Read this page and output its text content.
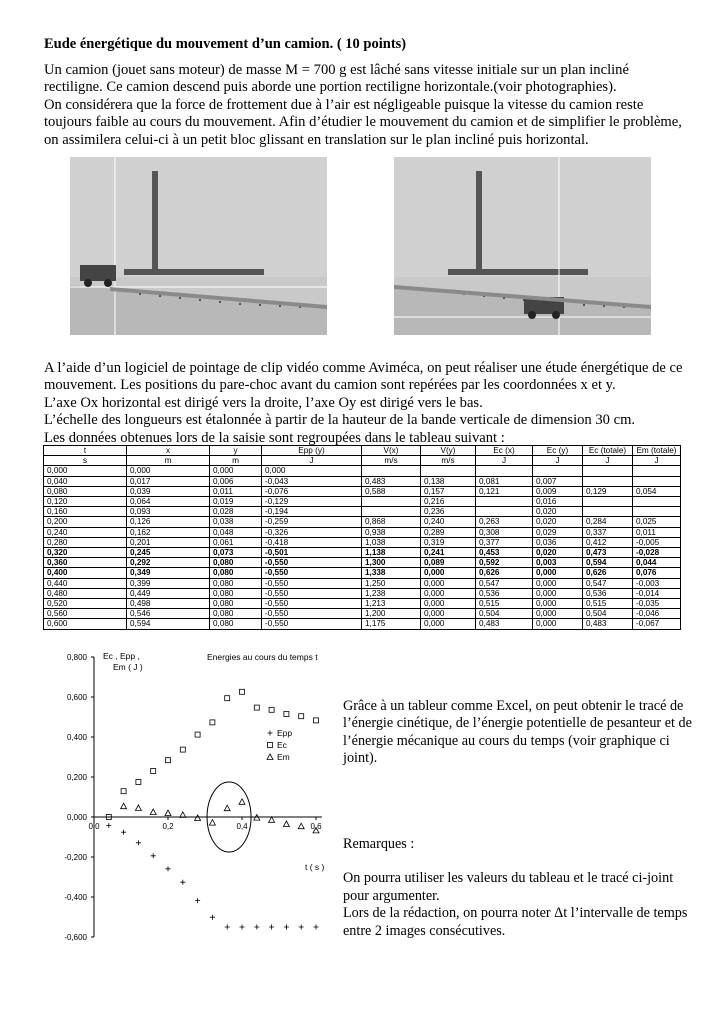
Eude énergétique du mouvement d’un camion. ( 10 points)
Un camion (jouet sans moteur) de masse M = 700 g est lâché sans vitesse initiale sur un plan incliné rectiligne. Ce camion descend puis aborde une portion rectiligne horizontale.(voir photographies).
On considérera que la force de frottement due à l’air est négligeable puisque la vitesse du camion reste toujours faible au cours du mouvement. Afin d’étudier le mouvement du camion et de simplifier le problème, on assimilera celui-ci à un petit bloc glissant en translation sur le plan incliné puis horizontal.
A l’aide d’un logiciel de pointage de clip vidéo comme Aviméca, on peut réaliser une étude énergétique de ce mouvement. Les positions du pare-choc avant du camion sont repérées par les coordonnées x et y.
L’axe Ox horizontal est dirigé vers la droite, l’axe Oy est dirigé vers le bas.
L’échelle des longueurs est étalonnée à partir de la hauteur de la bande verticale de dimension 30 cm.
Les données obtenues lors de la saisie sont regroupées dans le tableau suivant :
t	x	y	Epp (y)	V(x)	V(y)	Ec (x)	Ec (y)	Ec (totale)	Em (totale)
s	m	m	J	m/s	m/s	J	J	J	J
0,000	0,000	0,000	0,000						
0,040	0,017	0,006	-0,043	0,483	0,138	0,081	0,007		
0,080	0,039	0,011	-0,076	0,588	0,157	0,121	0,009	0,129	0,054
0,120	0,064	0,019	-0,129		0,216		0,016		
0,160	0,093	0,028	-0,194		0,236		0,020		
0,200	0,126	0,038	-0,259	0,868	0,240	0,263	0,020	0,284	0,025
0,240	0,162	0,048	-0,326	0,938	0,289	0,308	0,029	0,337	0,011
0,280	0,201	0,061	-0,418	1,038	0,319	0,377	0,036	0,412	-0,005
0,320	0,245	0,073	-0,501	1,138	0,241	0,453	0,020	0,473	-0,028
0,360	0,292	0,080	-0,550	1,300	0,089	0,592	0,003	0,594	0,044
0,400	0,349	0,080	-0,550	1,338	0,000	0,626	0,000	0,626	0,076
0,440	0,399	0,080	-0,550	1,250	0,000	0,547	0,000	0,547	-0,003
0,480	0,449	0,080	-0,550	1,238	0,000	0,536	0,000	0,536	-0,014
0,520	0,498	0,080	-0,550	1,213	0,000	0,515	0,000	0,515	-0,035
0,560	0,546	0,080	-0,550	1,200	0,000	0,504	0,000	0,504	-0,046
0,600	0,594	0,080	-0,550	1,175	0,000	0,483	0,000	0,483	-0,067
0,800
0,600
0,400
0,200
0,000
-0,200
-0,400
-0,600
0,0	0,2	0,4	0,6
Ec , Epp ,
Em ( J )
Energies au cours du temps t
t ( s )
Epp
Ec
Em
Grâce à un tableur comme Excel, on peut obtenir le tracé de l’énergie cinétique, de l’énergie potentielle de pesanteur et de l’énergie mécanique au cours du temps (voir graphique ci joint).
Remarques :
On pourra utiliser les valeurs du tableau et le tracé ci-joint pour argumenter.
Lors de la rédaction, on pourra noter Δt l’intervalle de temps entre 2 images consécutives.
